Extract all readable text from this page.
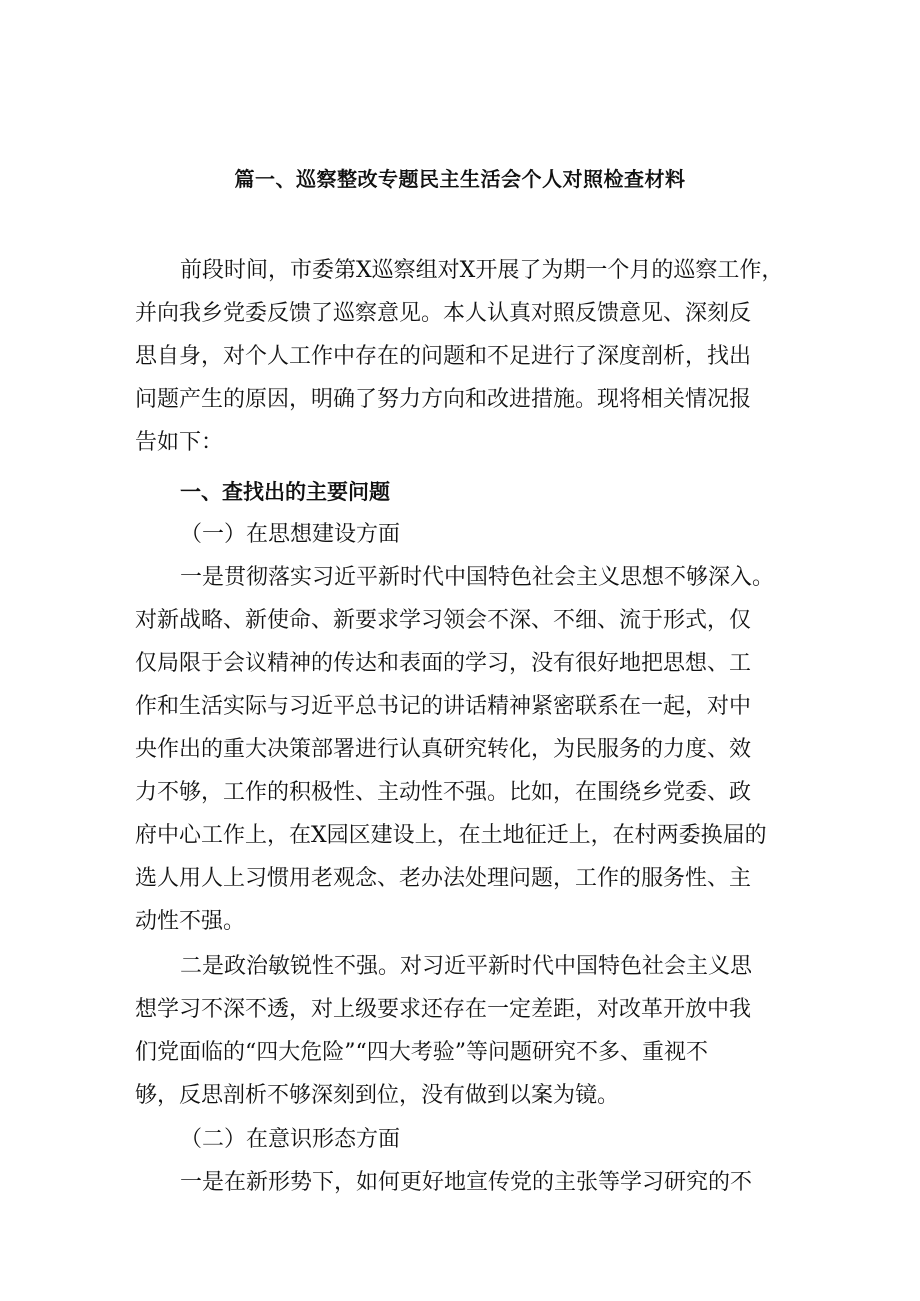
篇一、巡察整改专题民主生活会个人对照检查材料
前段时间，市委第X巡察组对X开展了为期一个月的巡察工作，
并向我乡党委反馈了巡察意见。本人认真对照反馈意见、深刻反
思自身，对个人工作中存在的问题和不足进行了深度剖析，找出
问题产生的原因，明确了努力方向和改进措施。现将相关情况报
告如下：
一、查找出的主要问题
（一）在思想建设方面
一是贯彻落实习近平新时代中国特色社会主义思想不够深入。
对新战略、新使命、新要求学习领会不深、不细、流于形式，仅
仅局限于会议精神的传达和表面的学习，没有很好地把思想、工
作和生活实际与习近平总书记的讲话精神紧密联系在一起，对中
央作出的重大决策部署进行认真研究转化，为民服务的力度、效
力不够，工作的积极性、主动性不强。比如，在围绕乡党委、政
府中心工作上，在X园区建设上，在土地征迁上，在村两委换届的
选人用人上习惯用老观念、老办法处理问题，工作的服务性、主
动性不强。
二是政治敏锐性不强。对习近平新时代中国特色社会主义思
想学习不深不透，对上级要求还存在一定差距，对改革开放中我
们党面临的“四大危险”“四大考验”等问题研究不多、重视不
够，反思剖析不够深刻到位，没有做到以案为镜。
（二）在意识形态方面
一是在新形势下，如何更好地宣传党的主张等学习研究的不
